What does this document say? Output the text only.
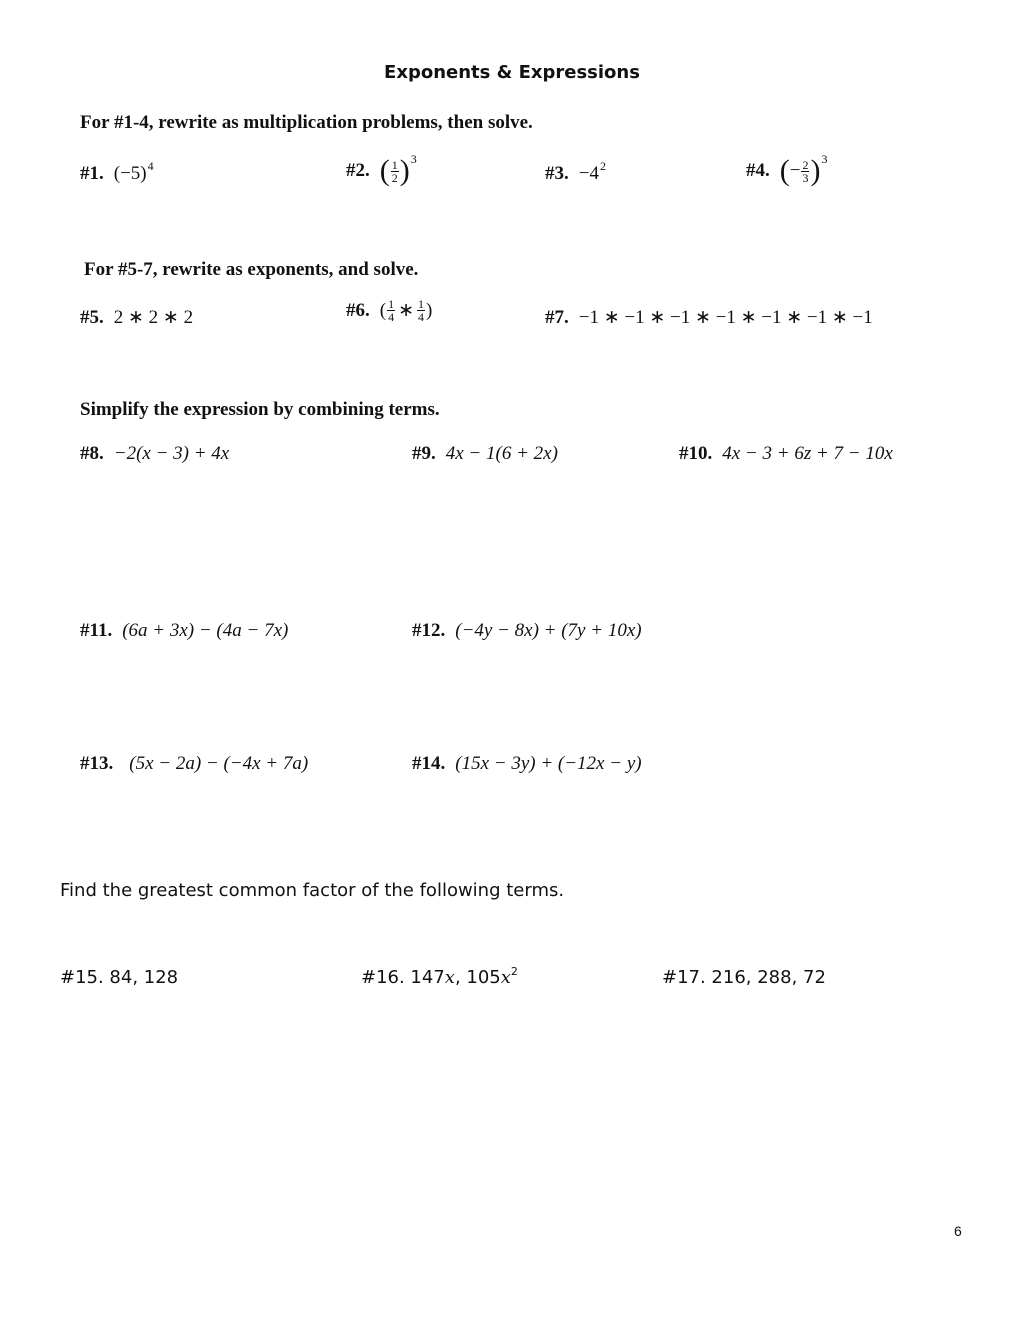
Exponents & Expressions
For #1-4, rewrite as multiplication problems, then solve.
#1. (−5) 4	#2. ( $\frac{1}{2}$ ) 3
#3. −4 2	#4. ( − $\frac{2}{3}$ ) 3
For #5-7, rewrite as exponents, and solve.
#5. 2 ∗ 2 ∗ 2	#6. ( $\frac{1}{4}$ ∗ $\frac{1}{4}$ )	#7. −1 ∗ −1 ∗ −1 ∗ −1 ∗ −1 ∗ −1 ∗ −1
Simplify the expression by combining terms.
#8. −2(x − 3) + 4x	#9. 4x − 1(6 + 2x)	#10. 4x − 3 + 6z + 7 − 10x
#11. (6a + 3x) − (4a − 7x)	#12. (−4y − 8x) + (7y + 10x)
#13. (5x − 2a) − (−4x + 7a)	#14. (15x − 3y) + (−12x − y)
Find the greatest common factor of the following terms.
#15. 84, 128	#16. 147x, $105x^2$	#17. 216, 288, 72
6
